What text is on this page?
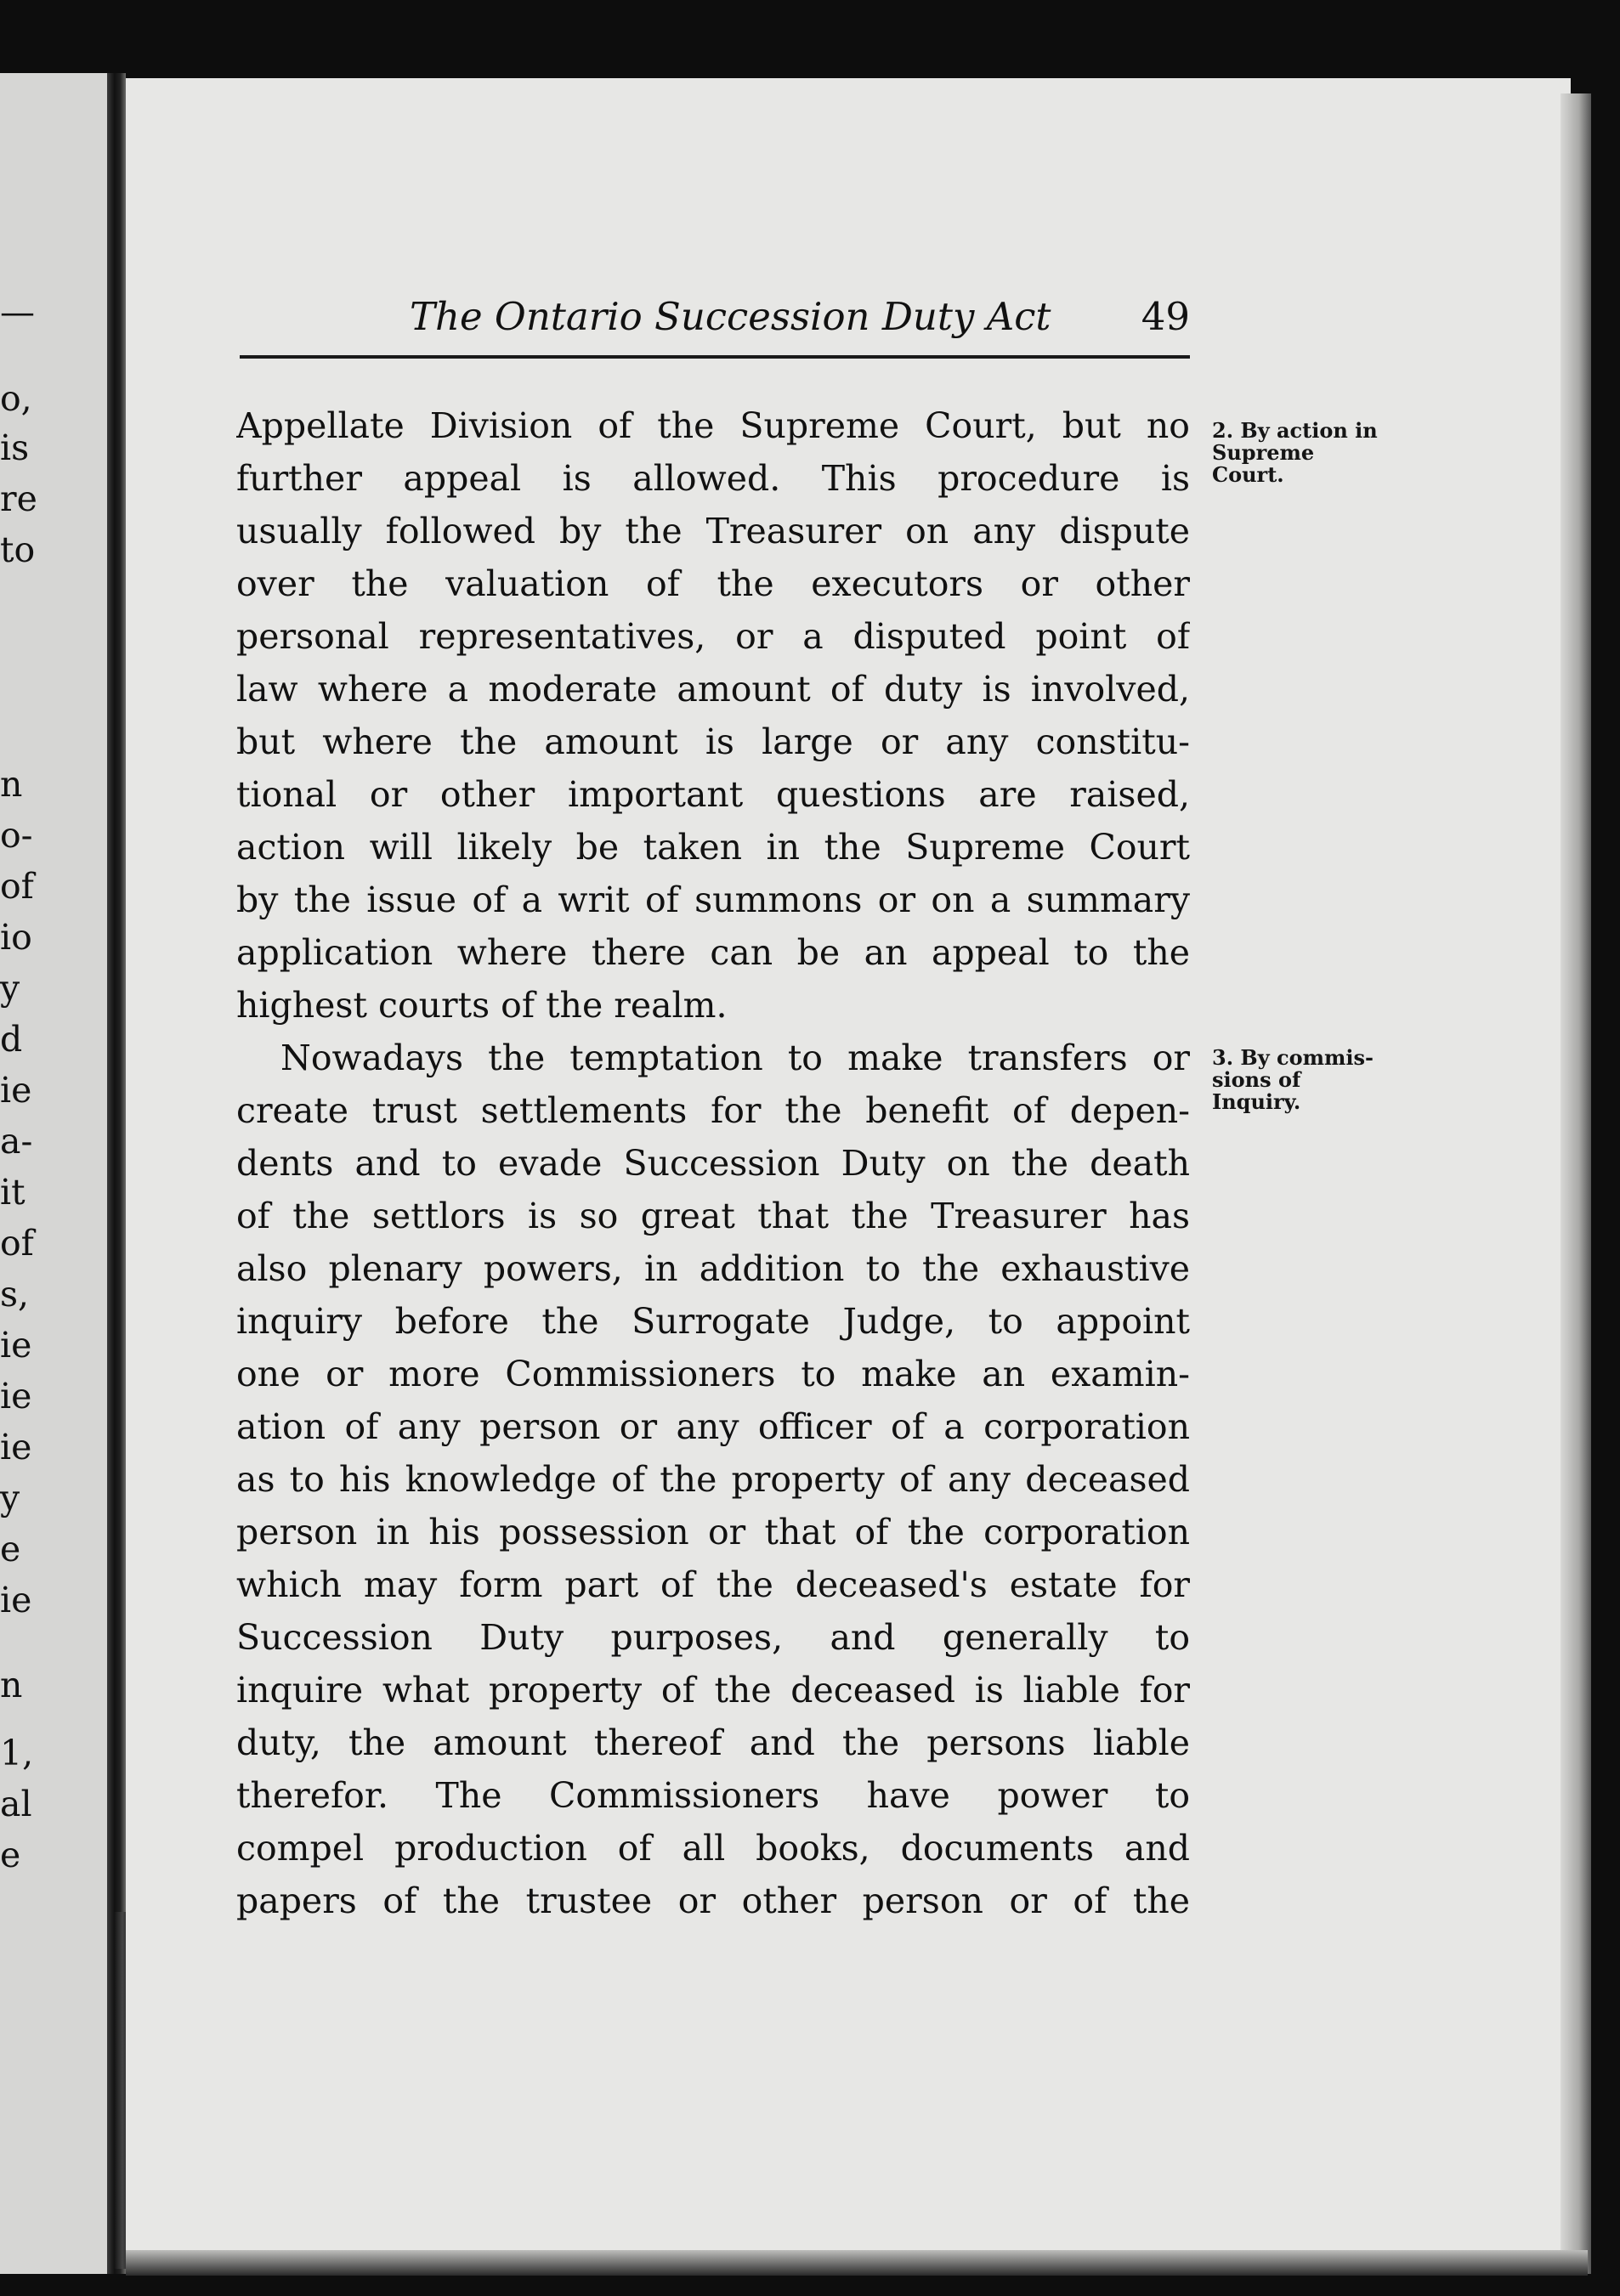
—
o,
is
re
to
n
o-
of
io
y
d
ie
a-
it
of
s,
ie
ie
ie
y
e
ie
n
1,
al
e
The Ontario Succession Duty Act 49
Appellate Division of the Supreme Court, but no
further appeal is allowed. This procedure is
usually followed by the Treasurer on any dispute
over the valuation of the executors or other
personal representatives, or a disputed point of
law where a moderate amount of duty is involved,
but where the amount is large or any constitu-
tional or other important questions are raised,
action will likely be taken in the Supreme Court
by the issue of a writ of summons or on a summary
application where there can be an appeal to the
highest courts of the realm.
Nowadays the temptation to make transfers or
create trust settlements for the benefit of depen-
dents and to evade Succession Duty on the death
of the settlors is so great that the Treasurer has
also plenary powers, in addition to the exhaustive
inquiry before the Surrogate Judge, to appoint
one or more Commissioners to make an examin-
ation of any person or any officer of a corporation
as to his knowledge of the property of any deceased
person in his possession or that of the corporation
which may form part of the deceased's estate for
Succession Duty purposes, and generally to
inquire what property of the deceased is liable for
duty, the amount thereof and the persons liable
therefor. The Commissioners have power to
compel production of all books, documents and
papers of the trustee or other person or of the
2. By action in
Supreme
Court.
3. By commis-
sions of
Inquiry.
